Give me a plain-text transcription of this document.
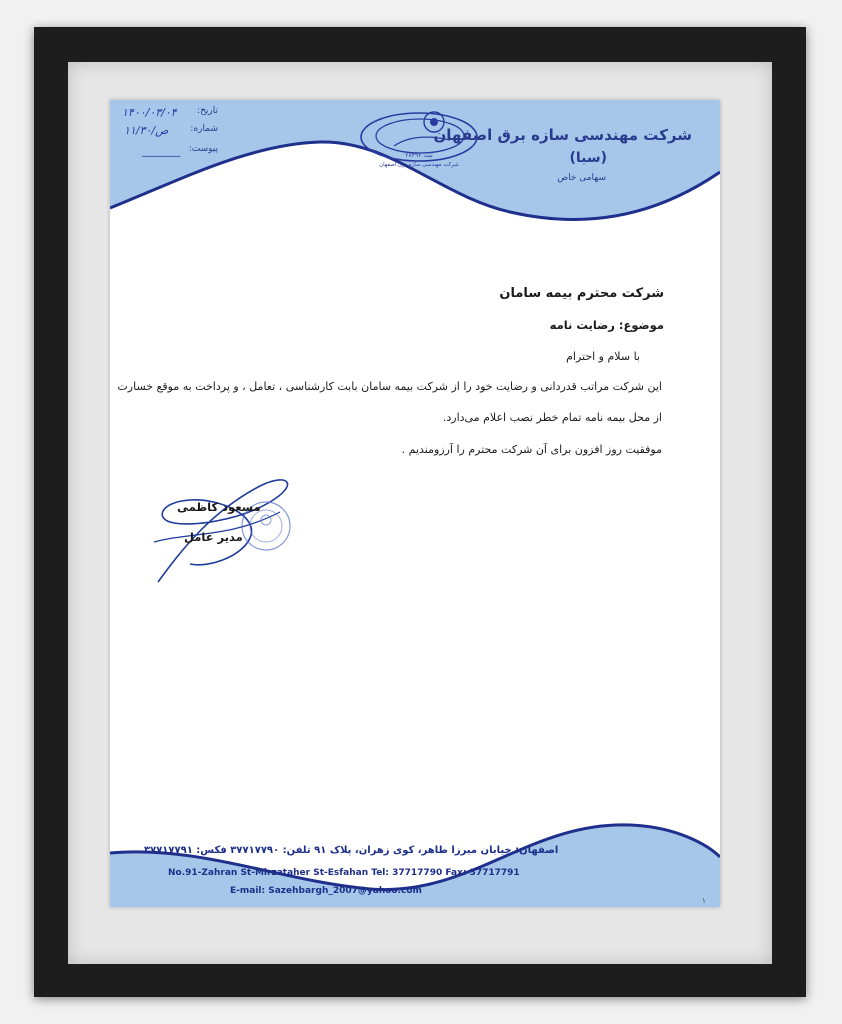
ثبت ۲۸۴۹۶
شرکت مهندسی سازه برق اصفهان
شرکت مهندسی سازه برق اصفهان
(سبا)
سهامی خاص
تاریخ:
۱۴۰۰/۰۳/۰۴
شماره:
۱۱/ص/۳۰
پیوست:
_______
شرکت محترم بیمه سامان
موضوع: رضایت نامه
با سلام و احترام
این شرکت مراتب قدردانی و رضایت خود را از شرکت بیمه سامان بابت کارشناسی ، تعامل ، و پرداخت به موقع خسارت
از محل بیمه نامه تمام خطر نصب اعلام می‌دارد.
موفقیت روز افزون برای آن شرکت محترم را آرزومندیم .
مسعود کاظمی
مدیر عامل
اصفهان: خیابان میرزا طاهر، کوی زهران، پلاک ۹۱ تلفن: ۳۷۷۱۷۷۹۰ فکس: ۳۷۷۱۷۷۹۱
No.91-Zahran St-Mirzataher St-Esfahan Tel: 37717790 Fax: 37717791
E-mail: Sazehbargh_2007@yahoo.com
۱
